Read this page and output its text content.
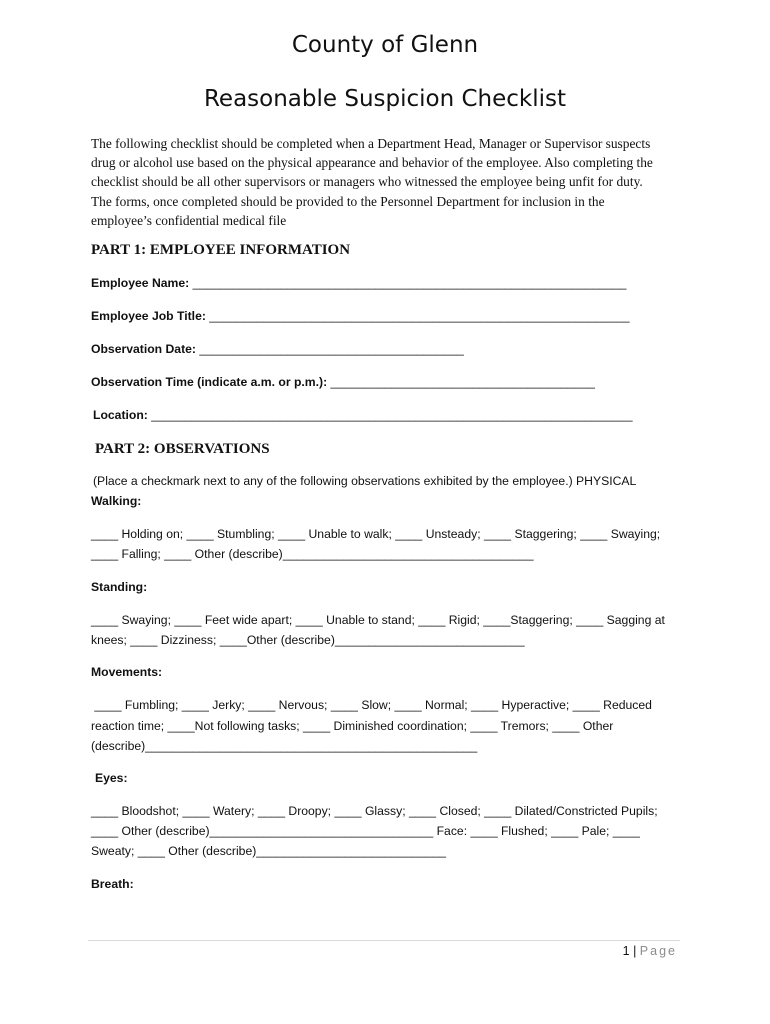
County of Glenn
Reasonable Suspicion Checklist
The following checklist should be completed when a Department Head, Manager or Supervisor suspects
drug or alcohol use based on the physical appearance and behavior of the employee. Also completing the
checklist should be all other supervisors or managers who witnessed the employee being unfit for duty.
The forms, once completed should be provided to the Personnel Department for inclusion in the
employee’s confidential medical file
PART 1: EMPLOYEE INFORMATION
Employee Name: ________________________________________________________________
Employee Job Title: ______________________________________________________________
Observation Date: _______________________________________
Observation Time (indicate a.m. or p.m.): _______________________________________
Location: _______________________________________________________________________
PART 2: OBSERVATIONS
(Place a checkmark next to any of the following observations exhibited by the employee.) PHYSICAL
Walking:
____ Holding on; ____ Stumbling; ____ Unable to walk; ____ Unsteady; ____ Staggering; ____ Swaying;
____ Falling; ____ Other (describe)_____________________________________
Standing:
____ Swaying; ____ Feet wide apart; ____ Unable to stand; ____ Rigid; ____Staggering; ____ Sagging at
knees; ____ Dizziness; ____Other (describe)____________________________
Movements:
____ Fumbling; ____ Jerky; ____ Nervous; ____ Slow; ____ Normal; ____ Hyperactive; ____ Reduced
reaction time; ____Not following tasks; ____ Diminished coordination; ____ Tremors; ____ Other
(describe)_________________________________________________
Eyes:
____ Bloodshot; ____ Watery; ____ Droopy; ____ Glassy; ____ Closed; ____ Dilated/Constricted Pupils;
____ Other (describe)_________________________________ Face: ____ Flushed; ____ Pale; ____
Sweaty; ____ Other (describe)____________________________
Breath:
1 | Page
